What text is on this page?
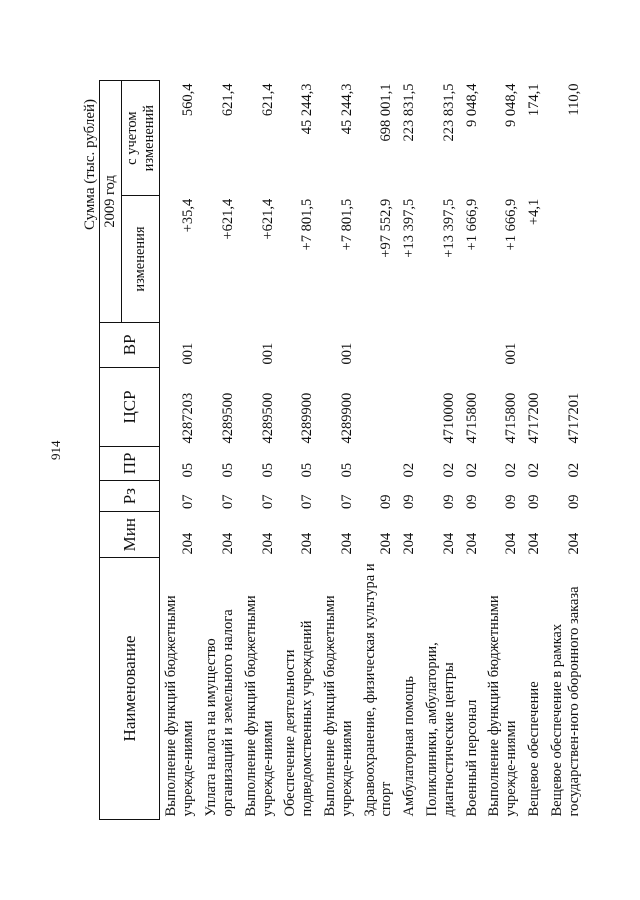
914
Сумма (тыс. рублей)
Наименование	Мин	Рз	ПР	ЦСР	ВР	2009 год	
						изменения	с учетом изменений
Выполнение функций бюджетными учрежде-ниями	204	07	05	4287203	001	+35,4	560,4
Уплата налога на имущество организаций и земельного налога	204	07	05	4289500		+621,4	621,4
Выполнение функций бюджетными учрежде-ниями	204	07	05	4289500	001	+621,4	621,4
Обеспечение деятельности подведомственных учреждений	204	07	05	4289900		+7 801,5	45 244,3
Выполнение функций бюджетными учрежде-ниями	204	07	05	4289900	001	+7 801,5	45 244,3
Здравоохранение, физическая культура и спорт	204	09				+97 552,9	698 001,1
Амбулаторная помощь	204	09	02			+13 397,5	223 831,5
Поликлиники, амбулатории, диагностические центры	204	09	02	4710000		+13 397,5	223 831,5
Военный персонал	204	09	02	4715800		+1 666,9	9 048,4
Выполнение функций бюджетными учрежде-ниями	204	09	02	4715800	001	+1 666,9	9 048,4
Вещевое обеспечение	204	09	02	4717200		+4,1	174,1
Вещевое обеспечение в рамках государствен-ного оборонного заказа	204	09	02	4717201			110,0
